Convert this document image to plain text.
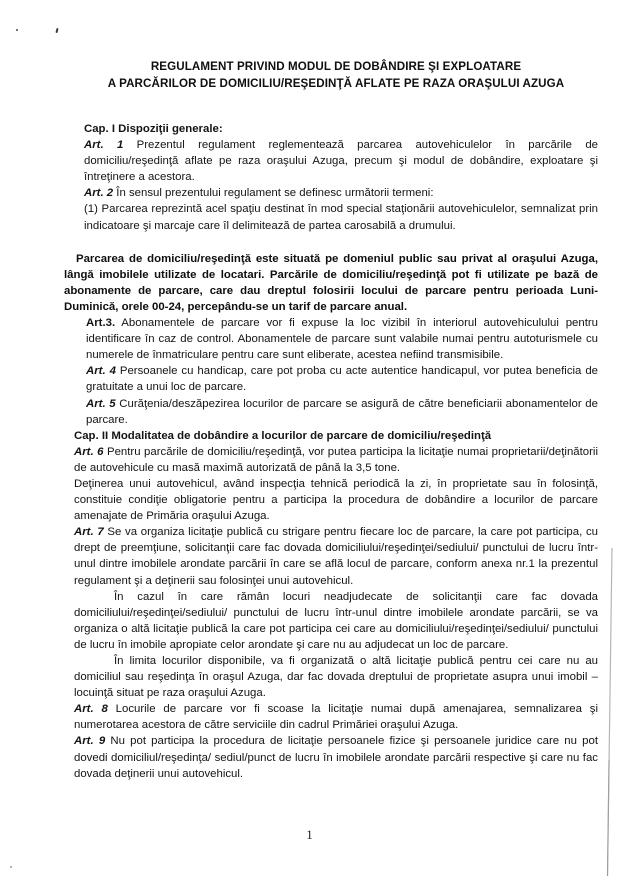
REGULAMENT PRIVIND MODUL DE DOBÂNDIRE ŞI EXPLOATARE
A PARCĂRILOR DE DOMICILIU/REŞEDINŢĂ AFLATE PE RAZA ORAŞULUI AZUGA

Cap. I Dispoziţii generale:

Art. 1 Prezentul regulament reglementează parcarea autovehiculelor în parcările de domiciliu/reşedinţă aflate pe raza oraşului Azuga, precum şi modul de dobândire, exploatare şi întreţinere a acestora.

Art. 2 În sensul prezentului regulament se definesc următorii termeni:

(1) Parcarea reprezintă acel spaţiu destinat în mod special staţionării autovehiculelor, semnalizat prin indicatoare şi marcaje care îl delimitează de partea carosabilă a drumului.

Parcarea de domiciliu/reşedinţă este situată pe domeniul public sau privat al oraşului Azuga, lângă imobilele utilizate de locatari. Parcările de domiciliu/reşedinţă pot fi utilizate pe bază de abonamente de parcare, care dau dreptul folosirii locului de parcare pentru perioada Luni-Duminică, orele 00-24, percepându-se un tarif de parcare anual.

Art.3. Abonamentele de parcare vor fi expuse la loc vizibil în interiorul autovehiculului pentru identificare în caz de control. Abonamentele de parcare sunt valabile numai pentru autoturismele cu numerele de înmatriculare pentru care sunt eliberate, acestea nefiind transmisibile.

Art. 4 Persoanele cu handicap, care pot proba cu acte autentice handicapul, vor putea beneficia de gratuitate a unui loc de parcare.

Art. 5 Curăţenia/deszăpezirea locurilor de parcare se asigură de către beneficiarii abonamentelor de parcare.

Cap. II Modalitatea de dobândire a locurilor de parcare de domiciliu/reşedinţă

Art. 6 Pentru parcările de domiciliu/reşedinţă, vor putea participa la licitaţie numai proprietarii/deţinătorii de autovehicule cu masă maximă autorizată de până la 3,5 tone.

Deţinerea unui autovehicul, având inspecţia tehnică periodică la zi, în proprietate sau în folosinţă, constituie condiţie obligatorie pentru a participa la procedura de dobândire a locurilor de parcare amenajate de Primăria oraşului Azuga.

Art. 7 Se va organiza licitaţie publică cu strigare pentru fiecare loc de parcare, la care pot participa, cu drept de preemţiune, solicitanţii care fac dovada domiciliului/reşedinţei/sediului/ punctului de lucru într-unul dintre imobilele arondate parcării în care se află locul de parcare, conform anexa nr.1 la prezentul regulament şi a deţinerii sau folosinţei unui autovehicul.

În cazul în care rămân locuri neadjudecate de solicitanţii care fac dovada domiciliului/reşedinţei/sediului/ punctului de lucru într-unul dintre imobilele arondate parcării, se va organiza o altă licitaţie publică la care pot participa cei care au domiciliului/reşedinţei/sediului/ punctului de lucru în imobile apropiate celor arondate şi care nu au adjudecat un loc de parcare.

În limita locurilor disponibile, va fi organizată o altă licitaţie publică pentru cei care nu au domiciliul sau reşedinţa în oraşul Azuga, dar fac dovada dreptului de proprietate asupra unui imobil – locuinţă situat pe raza oraşului Azuga.

Art. 8 Locurile de parcare vor fi scoase la licitaţie numai după amenajarea, semnalizarea şi numerotarea acestora de către serviciile din cadrul Primăriei oraşului Azuga.

Art. 9 Nu pot participa la procedura de licitaţie persoanele fizice şi persoanele juridice care nu pot dovedi domiciliul/reşedinţa/ sediul/punct de lucru în imobilele arondate parcării respective şi care nu fac dovada deţinerii unui autovehicul.

1
